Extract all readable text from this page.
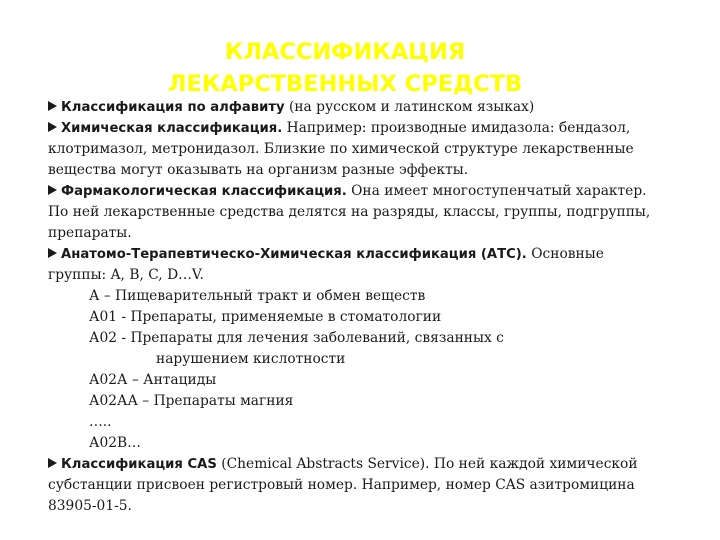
КЛАССИФИКАЦИЯ
ЛЕКАРСТВЕННЫХ СРЕДСТВ
Классификация по алфавиту (на русском и латинском языках)
Химическая классификация. Например: производные имидазола: бендазол,
клотримазол, метронидазол. Близкие по химической структуре лекарственные
вещества могут оказывать на организм разные эффекты.
Фармакологическая классификация. Она имеет многоступенчатый характер.
По ней лекарственные средства делятся на разряды, классы, группы, подгруппы,
препараты.
Анатомо-Терапевтическо-Химическая классификация (АТС). Основные
группы: A, B, C, D…V.
А – Пищеварительный тракт и обмен веществ
А01 - Препараты, применяемые в стоматологии
А02 - Препараты для лечения заболеваний, связанных с
нарушением кислотности
А02А – Антациды
А02АА – Препараты магния
…..
А02В…
Классификация CAS (Chemical Abstracts Service). По ней каждой химической
субстанции присвоен регистровый номер. Например, номер CAS азитромицина
83905-01-5.
